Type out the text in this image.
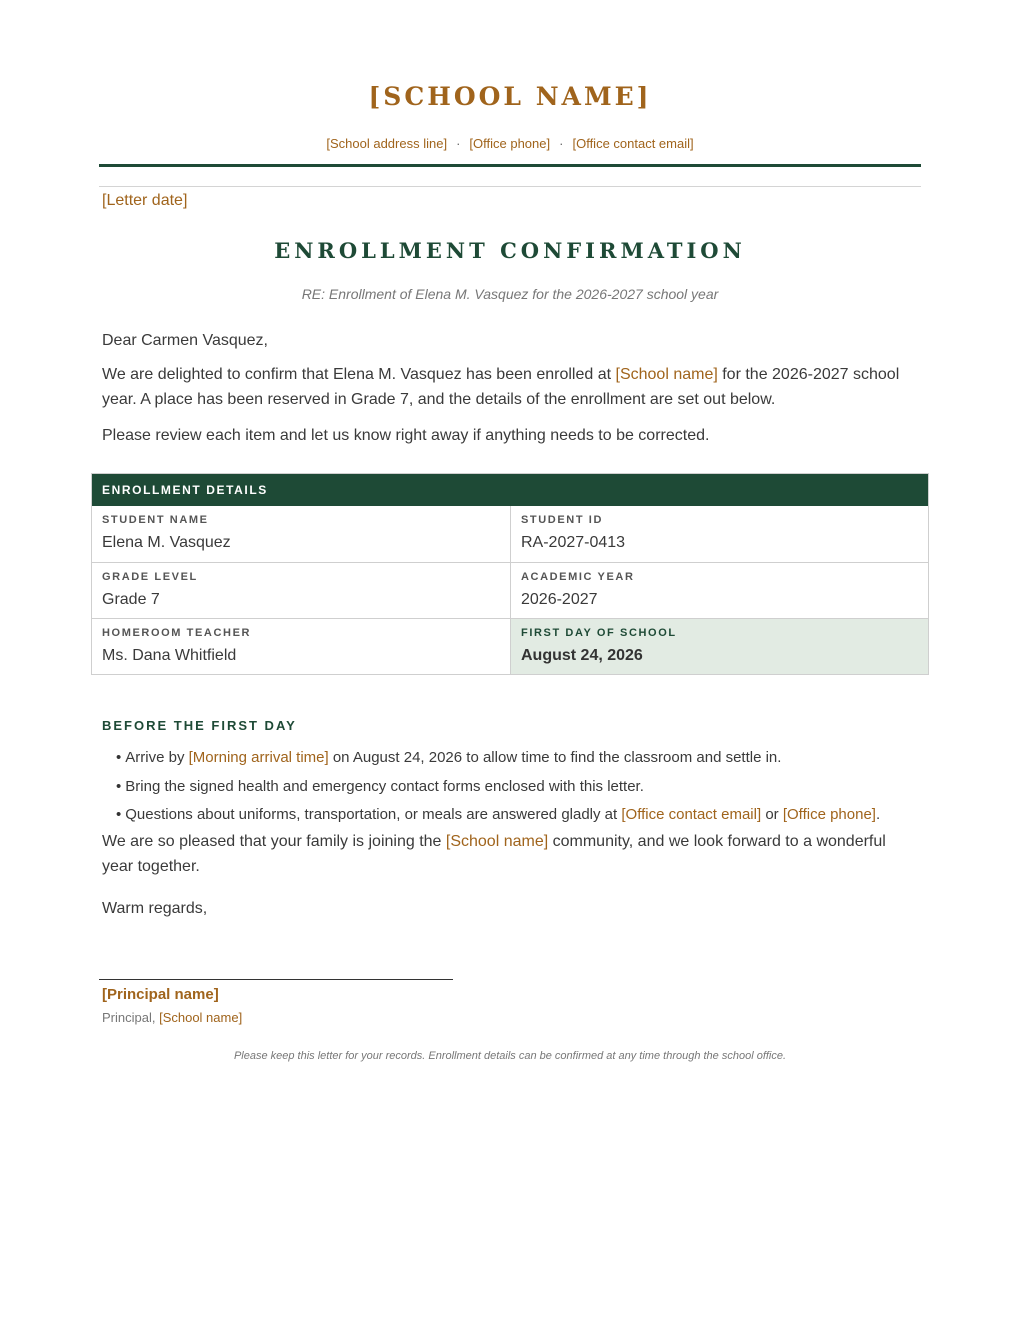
[SCHOOL NAME]
[School address line] · [Office phone] · [Office contact email]
[Letter date]
ENROLLMENT CONFIRMATION
RE: Enrollment of Elena M. Vasquez for the 2026-2027 school year

Dear Carmen Vasquez,

We are delighted to confirm that Elena M. Vasquez has been enrolled at [School name] for the 2026-2027 school year. A place has been reserved in Grade 7, and the details of the enrollment are set out below.

Please review each item and let us know right away if anything needs to be corrected.

ENROLLMENT DETAILS
STUDENT NAME
Elena M. Vasquez
STUDENT ID
RA-2027-0413
GRADE LEVEL
Grade 7
ACADEMIC YEAR
2026-2027
HOMEROOM TEACHER
Ms. Dana Whitfield
FIRST DAY OF SCHOOL
August 24, 2026
BEFORE THE FIRST DAY
• Arrive by [Morning arrival time] on August 24, 2026 to allow time to find the classroom and settle in.
• Bring the signed health and emergency contact forms enclosed with this letter.
• Questions about uniforms, transportation, or meals are answered gladly at [Office contact email] or [Office phone].

We are so pleased that your family is joining the [School name] community, and we look forward to a wonderful year together.

Warm regards,

[Principal name]
Principal, [School name]
Please keep this letter for your records. Enrollment details can be confirmed at any time through the school office.
